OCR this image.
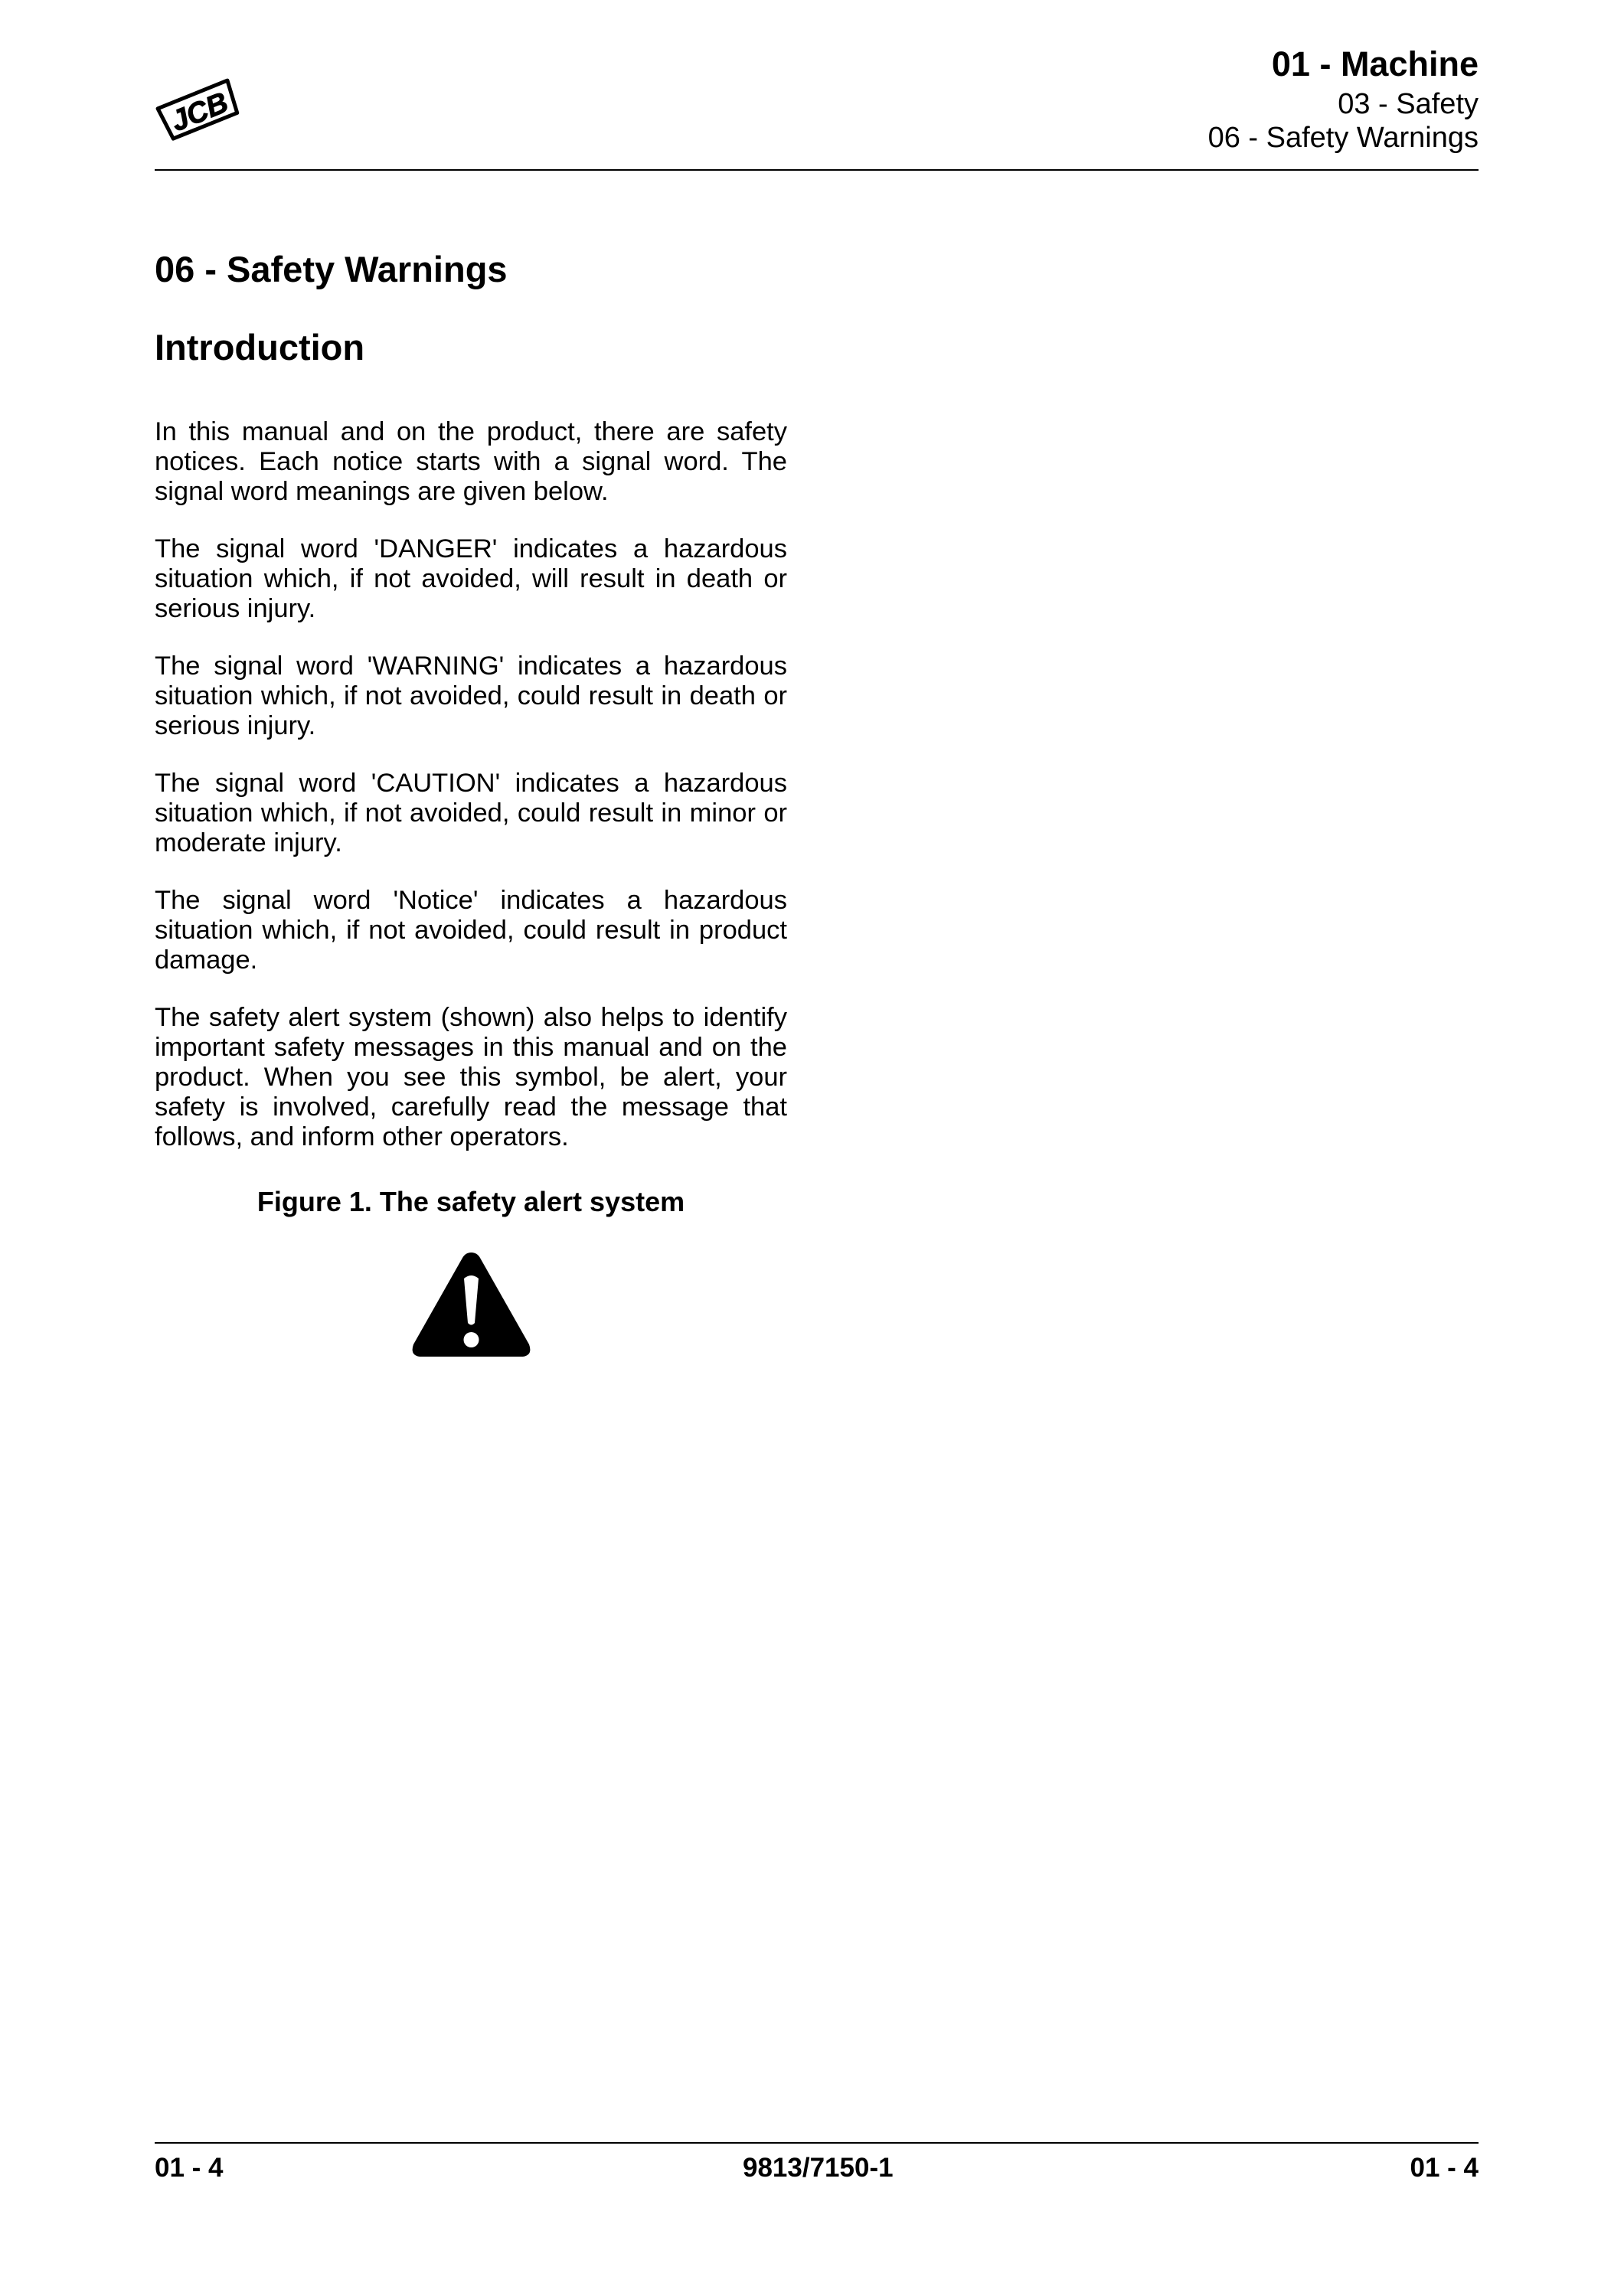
JCB
01 - Machine
03 - Safety
06 - Safety Warnings
06 - Safety Warnings
Introduction

In this manual and on the product, there are safety notices. Each notice starts with a signal word. The signal word meanings are given below.

The signal word 'DANGER' indicates a hazardous situation which, if not avoided, will result in death or serious injury.

The signal word 'WARNING' indicates a hazardous situation which, if not avoided, could result in death or serious injury.

The signal word 'CAUTION' indicates a hazardous situation which, if not avoided, could result in minor or moderate injury.

The signal word 'Notice' indicates a hazardous situation which, if not avoided, could result in product damage.

The safety alert system (shown) also helps to identify important safety messages in this manual and on the product. When you see this symbol, be alert, your safety is involved, carefully read the message that follows, and inform other operators.

Figure 1. The safety alert system
01 - 4	9813/7150-1	01 - 4
